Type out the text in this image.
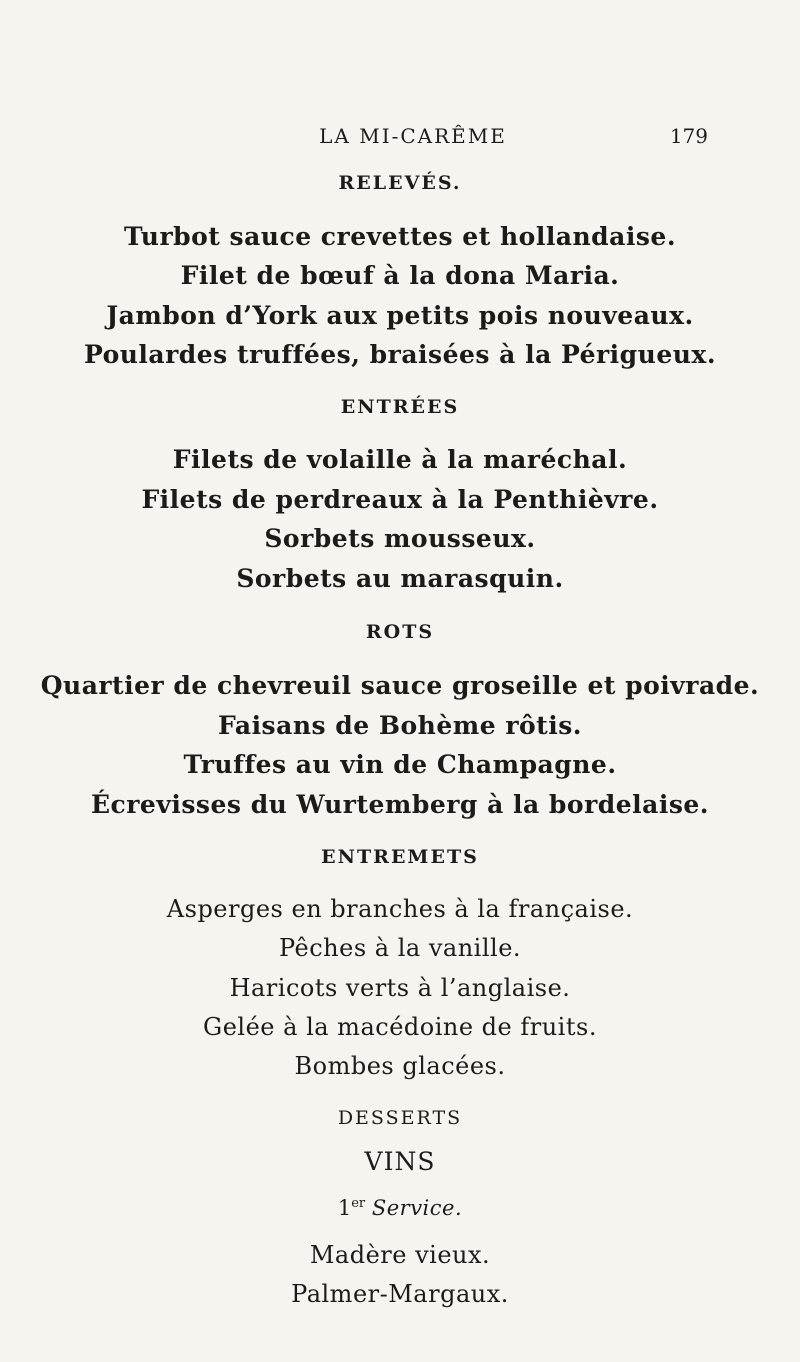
LA MI-CARÊME	179
RELEVÉS.
Turbot sauce crevettes et hollandaise.
Filet de bœuf à la dona Maria.
Jambon d’York aux petits pois nouveaux.
Poulardes truffées, braisées à la Périgueux.
ENTRÉES
Filets de volaille à la maréchal.
Filets de perdreaux à la Penthièvre.
Sorbets mousseux.
Sorbets au marasquin.
ROTS
Quartier de chevreuil sauce groseille et poivrade.
Faisans de Bohème rôtis.
Truffes au vin de Champagne.
Écrevisses du Wurtemberg à la bordelaise.
ENTREMETS
Asperges en branches à la française.
Pêches à la vanille.
Haricots verts à l’anglaise.
Gelée à la macédoine de fruits.
Bombes glacées.
DESSERTS
VINS
1er Service.
Madère vieux.
Palmer-Margaux.
